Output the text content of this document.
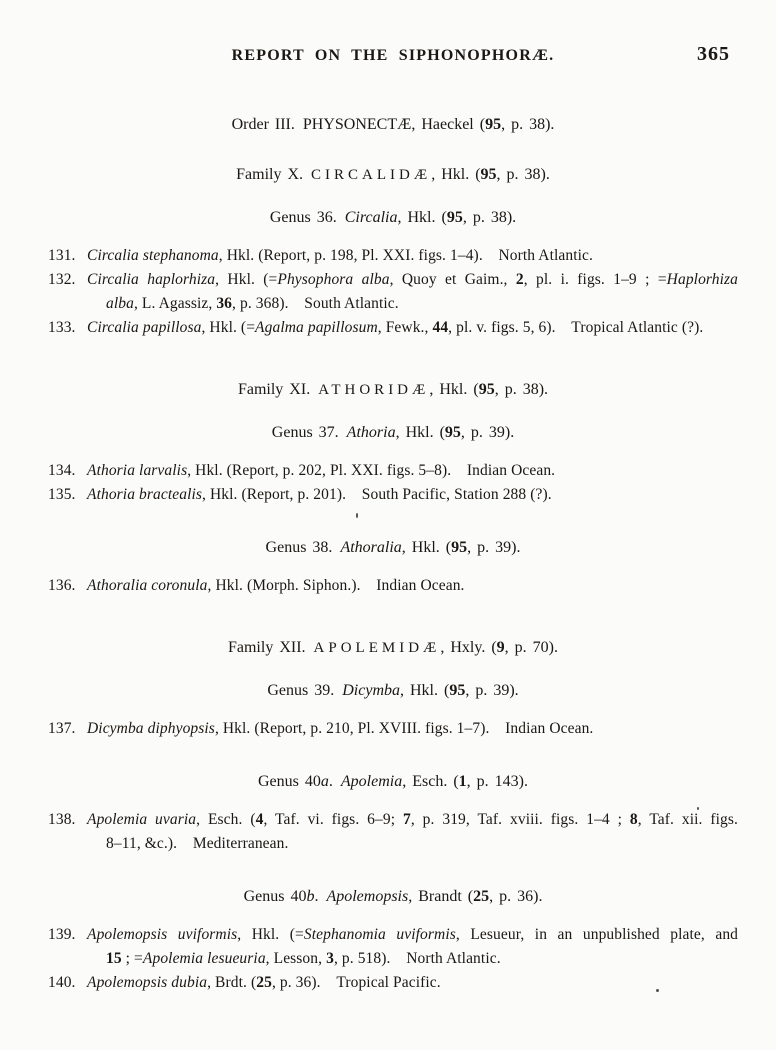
REPORT ON THE SIPHONOPHORÆ.	365
Order III. PHYSONECTÆ, Haeckel (95, p. 38).
Family X. CIRCALIDÆ, Hkl. (95, p. 38).
Genus 36. Circalia, Hkl. (95, p. 38).
131. Circalia stephanoma, Hkl. (Report, p. 198, Pl. XXI. figs. 1–4).  North Atlantic.
132. Circalia haplorhiza, Hkl. (=Physophora alba, Quoy et Gaim., 2, pl. i. figs. 1–9 ; =Haplorhiza
alba, L. Agassiz, 36, p. 368).  South Atlantic.
133. Circalia papillosa, Hkl. (=Agalma papillosum, Fewk., 44, pl. v. figs. 5, 6).  Tropical Atlantic (?).
Family XI. ATHORIDÆ, Hkl. (95, p. 38).
Genus 37. Athoria, Hkl. (95, p. 39).
134. Athoria larvalis, Hkl. (Report, p. 202, Pl. XXI. figs. 5–8).  Indian Ocean.
135. Athoria bractealis, Hkl. (Report, p. 201).  South Pacific, Station 288 (?).
Genus 38. Athoralia, Hkl. (95, p. 39).
136. Athoralia coronula, Hkl. (Morph. Siphon.).  Indian Ocean.
Family XII. APOLEMIDÆ, Hxly. (9, p. 70).
Genus 39. Dicymba, Hkl. (95, p. 39).
137. Dicymba diphyopsis, Hkl. (Report, p. 210, Pl. XVIII. figs. 1–7).  Indian Ocean.
Genus 40a. Apolemia, Esch. (1, p. 143).
138. Apolemia uvaria, Esch. (4, Taf. vi. figs. 6–9; 7, p. 319, Taf. xviii. figs. 1–4 ; 8, Taf. xii. figs.
8–11, &c.).  Mediterranean.
Genus 40b. Apolemopsis, Brandt (25, p. 36).
139. Apolemopsis uviformis, Hkl. (=Stephanomia uviformis, Lesueur, in an unpublished plate, and
15 ; =Apolemia lesueuria, Lesson, 3, p. 518).  North Atlantic.
140. Apolemopsis dubia, Brdt. (25, p. 36).  Tropical Pacific.
